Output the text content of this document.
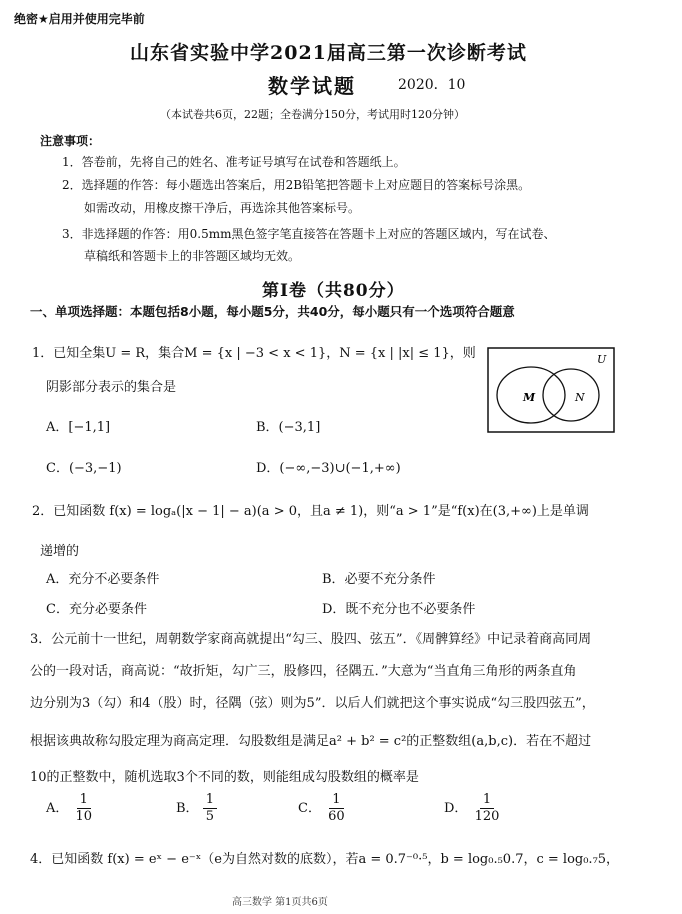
绝密★启用并使用完毕前
山东省实验中学2021届高三第一次诊断考试
数学试题	2020．10
（本试卷共6页，22题；全卷满分150分，考试用时120分钟）
注意事项：
1．答卷前，先将自己的姓名、准考证号填写在试卷和答题纸上。
2．选择题的作答：每小题选出答案后，用2B铅笔把答题卡上对应题目的答案标号涂黑。
如需改动，用橡皮擦干净后，再选涂其他答案标号。
3．非选择题的作答：用0.5mm黑色签字笔直接答在答题卡上对应的答题区域内，写在试卷、
草稿纸和答题卡上的非答题区域均无效。
第Ⅰ卷（共80分）
一、单项选择题：本题包括8小题，每小题5分，共40分，每小题只有一个选项符合题意
1．已知全集U = R，集合M = {x | −3 < x < 1}，N = {x | |x| ≤ 1}，则
阴影部分表示的集合是
A．[−1,1]	B．(−3,1]
C．(−3,−1)	D．(−∞,−3)∪(−1,+∞)
U
M	N
2．已知函数 f(x) = logₐ(|x − 1| − a)(a > 0，且a ≠ 1)，则“a > 1”是“f(x)在(3,+∞)上是单调
递增的
A．充分不必要条件	B．必要不充分条件
C．充分必要条件	D．既不充分也不必要条件
3．公元前十一世纪，周朝数学家商高就提出“勾三、股四、弦五”．《周髀算经》中记录着商高同周
公的一段对话，商高说：“故折矩，勾广三，股修四，径隅五．”大意为“当直角三角形的两条直角
边分别为3（勾）和4（股）时，径隅（弦）则为5”．以后人们就把这个事实说成“勾三股四弦五”，
根据该典故称勾股定理为商高定理．勾股数组是满足a² + b² = c²的正整数组(a,b,c)．若在不超过
10的正整数中，随机选取3个不同的数，则能组成勾股数组的概率是
A． $\frac{1}{10}$	B． $\frac{1}{5}$	C． $\frac{1}{60}$	D． $\frac{1}{120}$
4．已知函数 f(x) = eˣ − e⁻ˣ（e为自然对数的底数），若a = 0.7⁻⁰·⁵，b = log₀.₅0.7，c = log₀.₇5，
高三数学 第1页共6页
